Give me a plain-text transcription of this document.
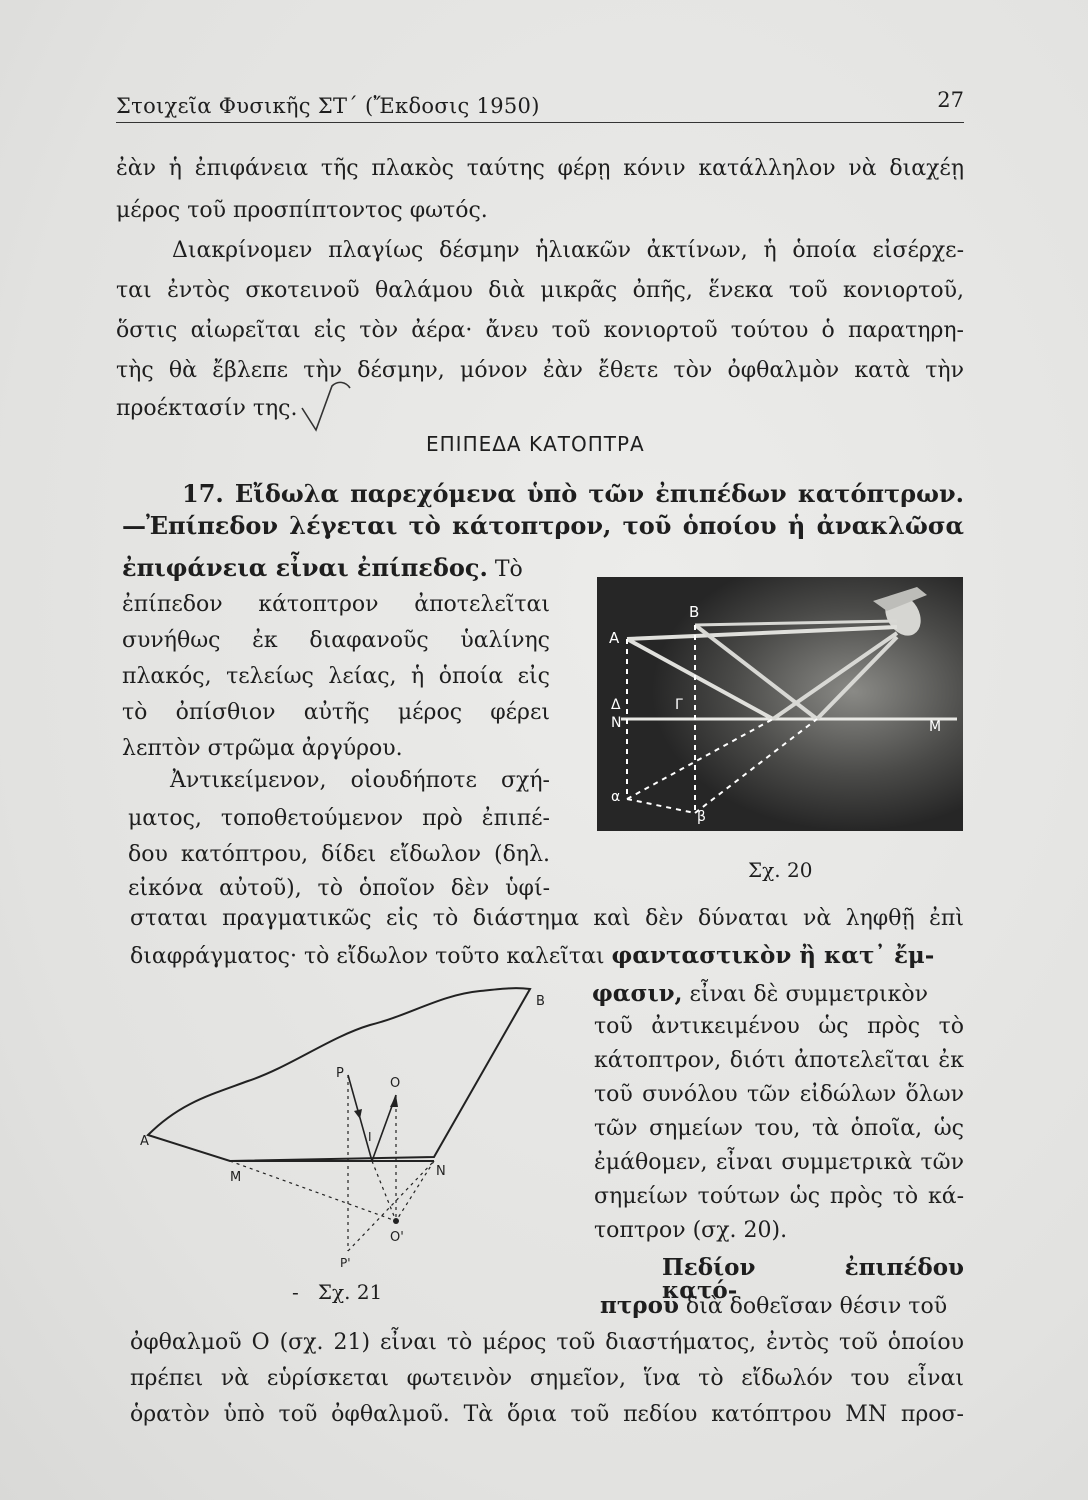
Στοιχεῖα Φυσικῆς ΣΤ΄ (Ἔκδοσις 1950)	27
ἐὰν ἡ ἐπιφάνεια τῆς πλακὸς ταύτης φέρῃ κόνιν κατάλληλον νὰ διαχέῃ
μέρος τοῦ προσπίπτοντος φωτός.
Διακρίνομεν πλαγίως δέσμην ἡλιακῶν ἀκτίνων, ἡ ὁποία εἰσέρχε-
ται ἐντὸς σκοτεινοῦ θαλάμου διὰ μικρᾶς ὀπῆς, ἕνεκα τοῦ κονιορτοῦ,
ὅστις αἰωρεῖται εἰς τὸν ἀέρα· ἄνευ τοῦ κονιορτοῦ τούτου ὁ παρατηρη-
τὴς θὰ ἔβλεπε τὴν δέσμην, μόνον ἐὰν ἔθετε τὸν ὀφθαλμὸν κατὰ τὴν
προέκτασίν της.
ΕΠΙΠΕΔΑ ΚΑΤΟΠΤΡΑ
17. Εἴδωλα παρεχόμενα ὑπὸ τῶν ἐπιπέδων κατόπτρων.
—Ἐπίπεδον λέγεται τὸ κάτοπτρον, τοῦ ὁποίου ἡ ἀνακλῶσα
ἐπιφάνεια εἶναι ἐπίπεδος. Τὸ
ἐπίπεδον κάτοπτρον ἀποτελεῖται
συνήθως ἐκ διαφανοῦς ὑαλίνης
πλακός, τελείως λείας, ἡ ὁποία εἰς
τὸ ὀπίσθιον αὐτῆς μέρος φέρει
λεπτὸν στρῶμα ἀργύρου.
Ἀντικείμενον, οἱουδήποτε σχή-
ματος, τοποθετούμενον πρὸ ἐπιπέ-
δου κατόπτρου, δίδει εἴδωλον (δηλ.
εἰκόνα αὐτοῦ), τὸ ὁποῖον δὲν ὑφί-
σταται πραγματικῶς εἰς τὸ διάστημα καὶ δὲν δύναται νὰ ληφθῇ ἐπὶ
διαφράγματος· τὸ εἴδωλον τοῦτο καλεῖται φανταστικὸν ἢ κατ᾽ ἔμ-
φασιν, εἶναι δὲ συμμετρικὸν
τοῦ ἀντικειμένου ὡς πρὸς τὸ
κάτοπτρον, διότι ἀποτελεῖται ἐκ
τοῦ συνόλου τῶν εἰδώλων ὅλων
τῶν σημείων του, τὰ ὁποῖα, ὡς
ἐμάθομεν, εἶναι συμμετρικὰ τῶν
σημείων τούτων ὡς πρὸς τὸ κά-
τοπτρον (σχ. 20).
Πεδίον ἐπιπέδου κατό-
πτρου διὰ δοθεῖσαν θέσιν τοῦ
ὀφθαλμοῦ Ο (σχ. 21) εἶναι τὸ μέρος τοῦ διαστήματος, ἐντὸς τοῦ ὁποίου
πρέπει νὰ εὑρίσκεται φωτεινὸν σημεῖον, ἵνα τὸ εἴδωλόν του εἶναι
ὁρατὸν ὑπὸ τοῦ ὀφθαλμοῦ. Τὰ ὅρια τοῦ πεδίου κατόπτρου ΜΝ προσ-
A
B
Δ	Γ
N	M
α
β
Σχ. 20
A
B
P
O
I
M	N
O'
P'
- Σχ. 21
